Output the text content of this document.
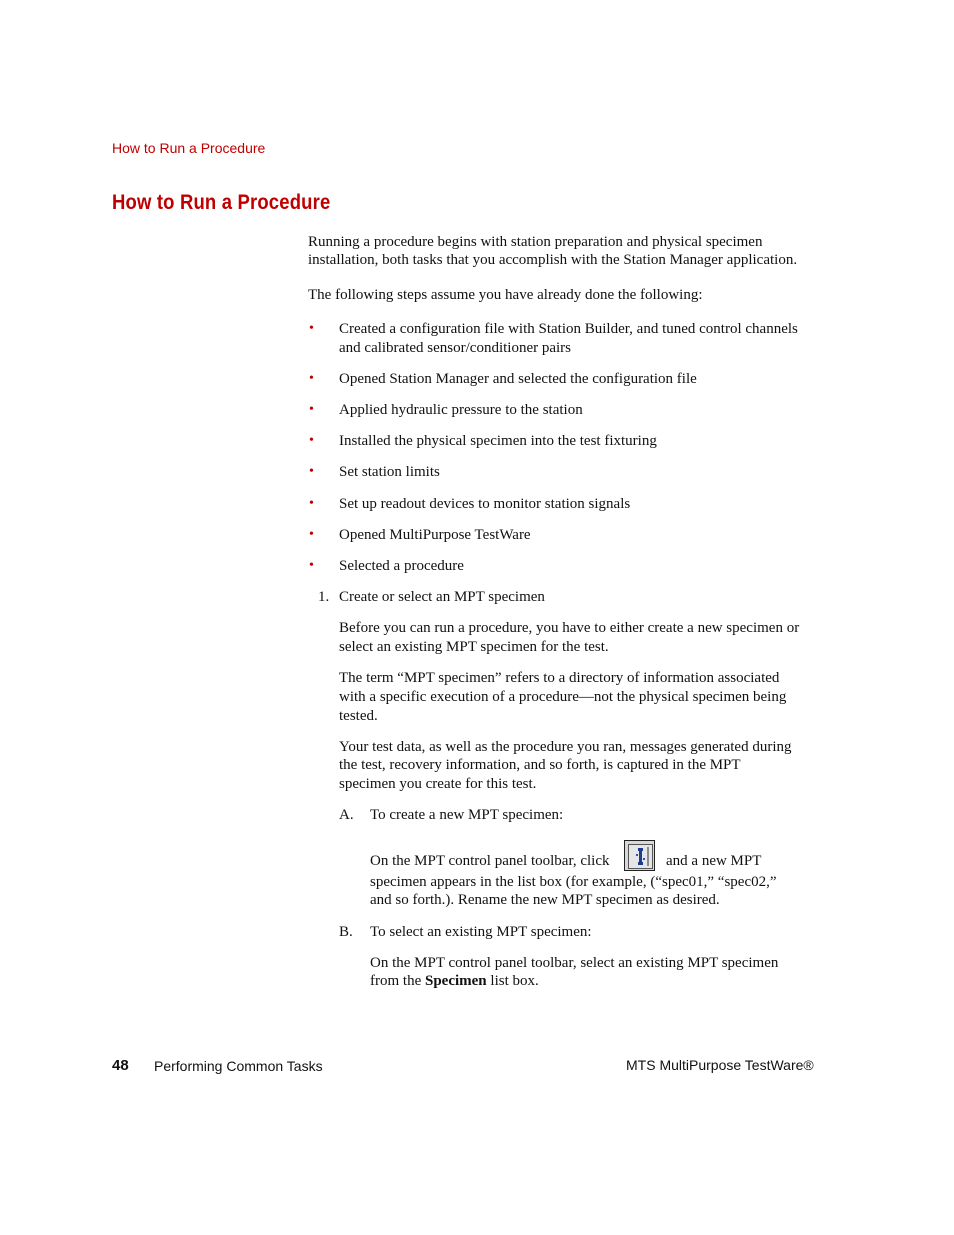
How to Run a Procedure
How to Run a Procedure
Running a procedure begins with station preparation and physical specimen
installation, both tasks that you accomplish with the Station Manager application.
The following steps assume you have already done the following:
• Created a configuration file with Station Builder, and tuned control channels
and calibrated sensor/conditioner pairs
• Opened Station Manager and selected the configuration file
• Applied hydraulic pressure to the station
• Installed the physical specimen into the test fixturing
• Set station limits
• Set up readout devices to monitor station signals
• Opened MultiPurpose TestWare
• Selected a procedure
1. Create or select an MPT specimen
Before you can run a procedure, you have to either create a new specimen or
select an existing MPT specimen for the test.
The term “MPT specimen” refers to a directory of information associated
with a specific execution of a procedure—not the physical specimen being
tested.
Your test data, as well as the procedure you ran, messages generated during
the test, recovery information, and so forth, is captured in the MPT
specimen you create for this test.
A. To create a new MPT specimen:
On the MPT control panel toolbar, click	and a new MPT
specimen appears in the list box (for example, (“spec01,” “spec02,”
and so forth.). Rename the new MPT specimen as desired.
B. To select an existing MPT specimen:
On the MPT control panel toolbar, select an existing MPT specimen
from the Specimen list box.
48 Performing Common Tasks	MTS MultiPurpose TestWare®
